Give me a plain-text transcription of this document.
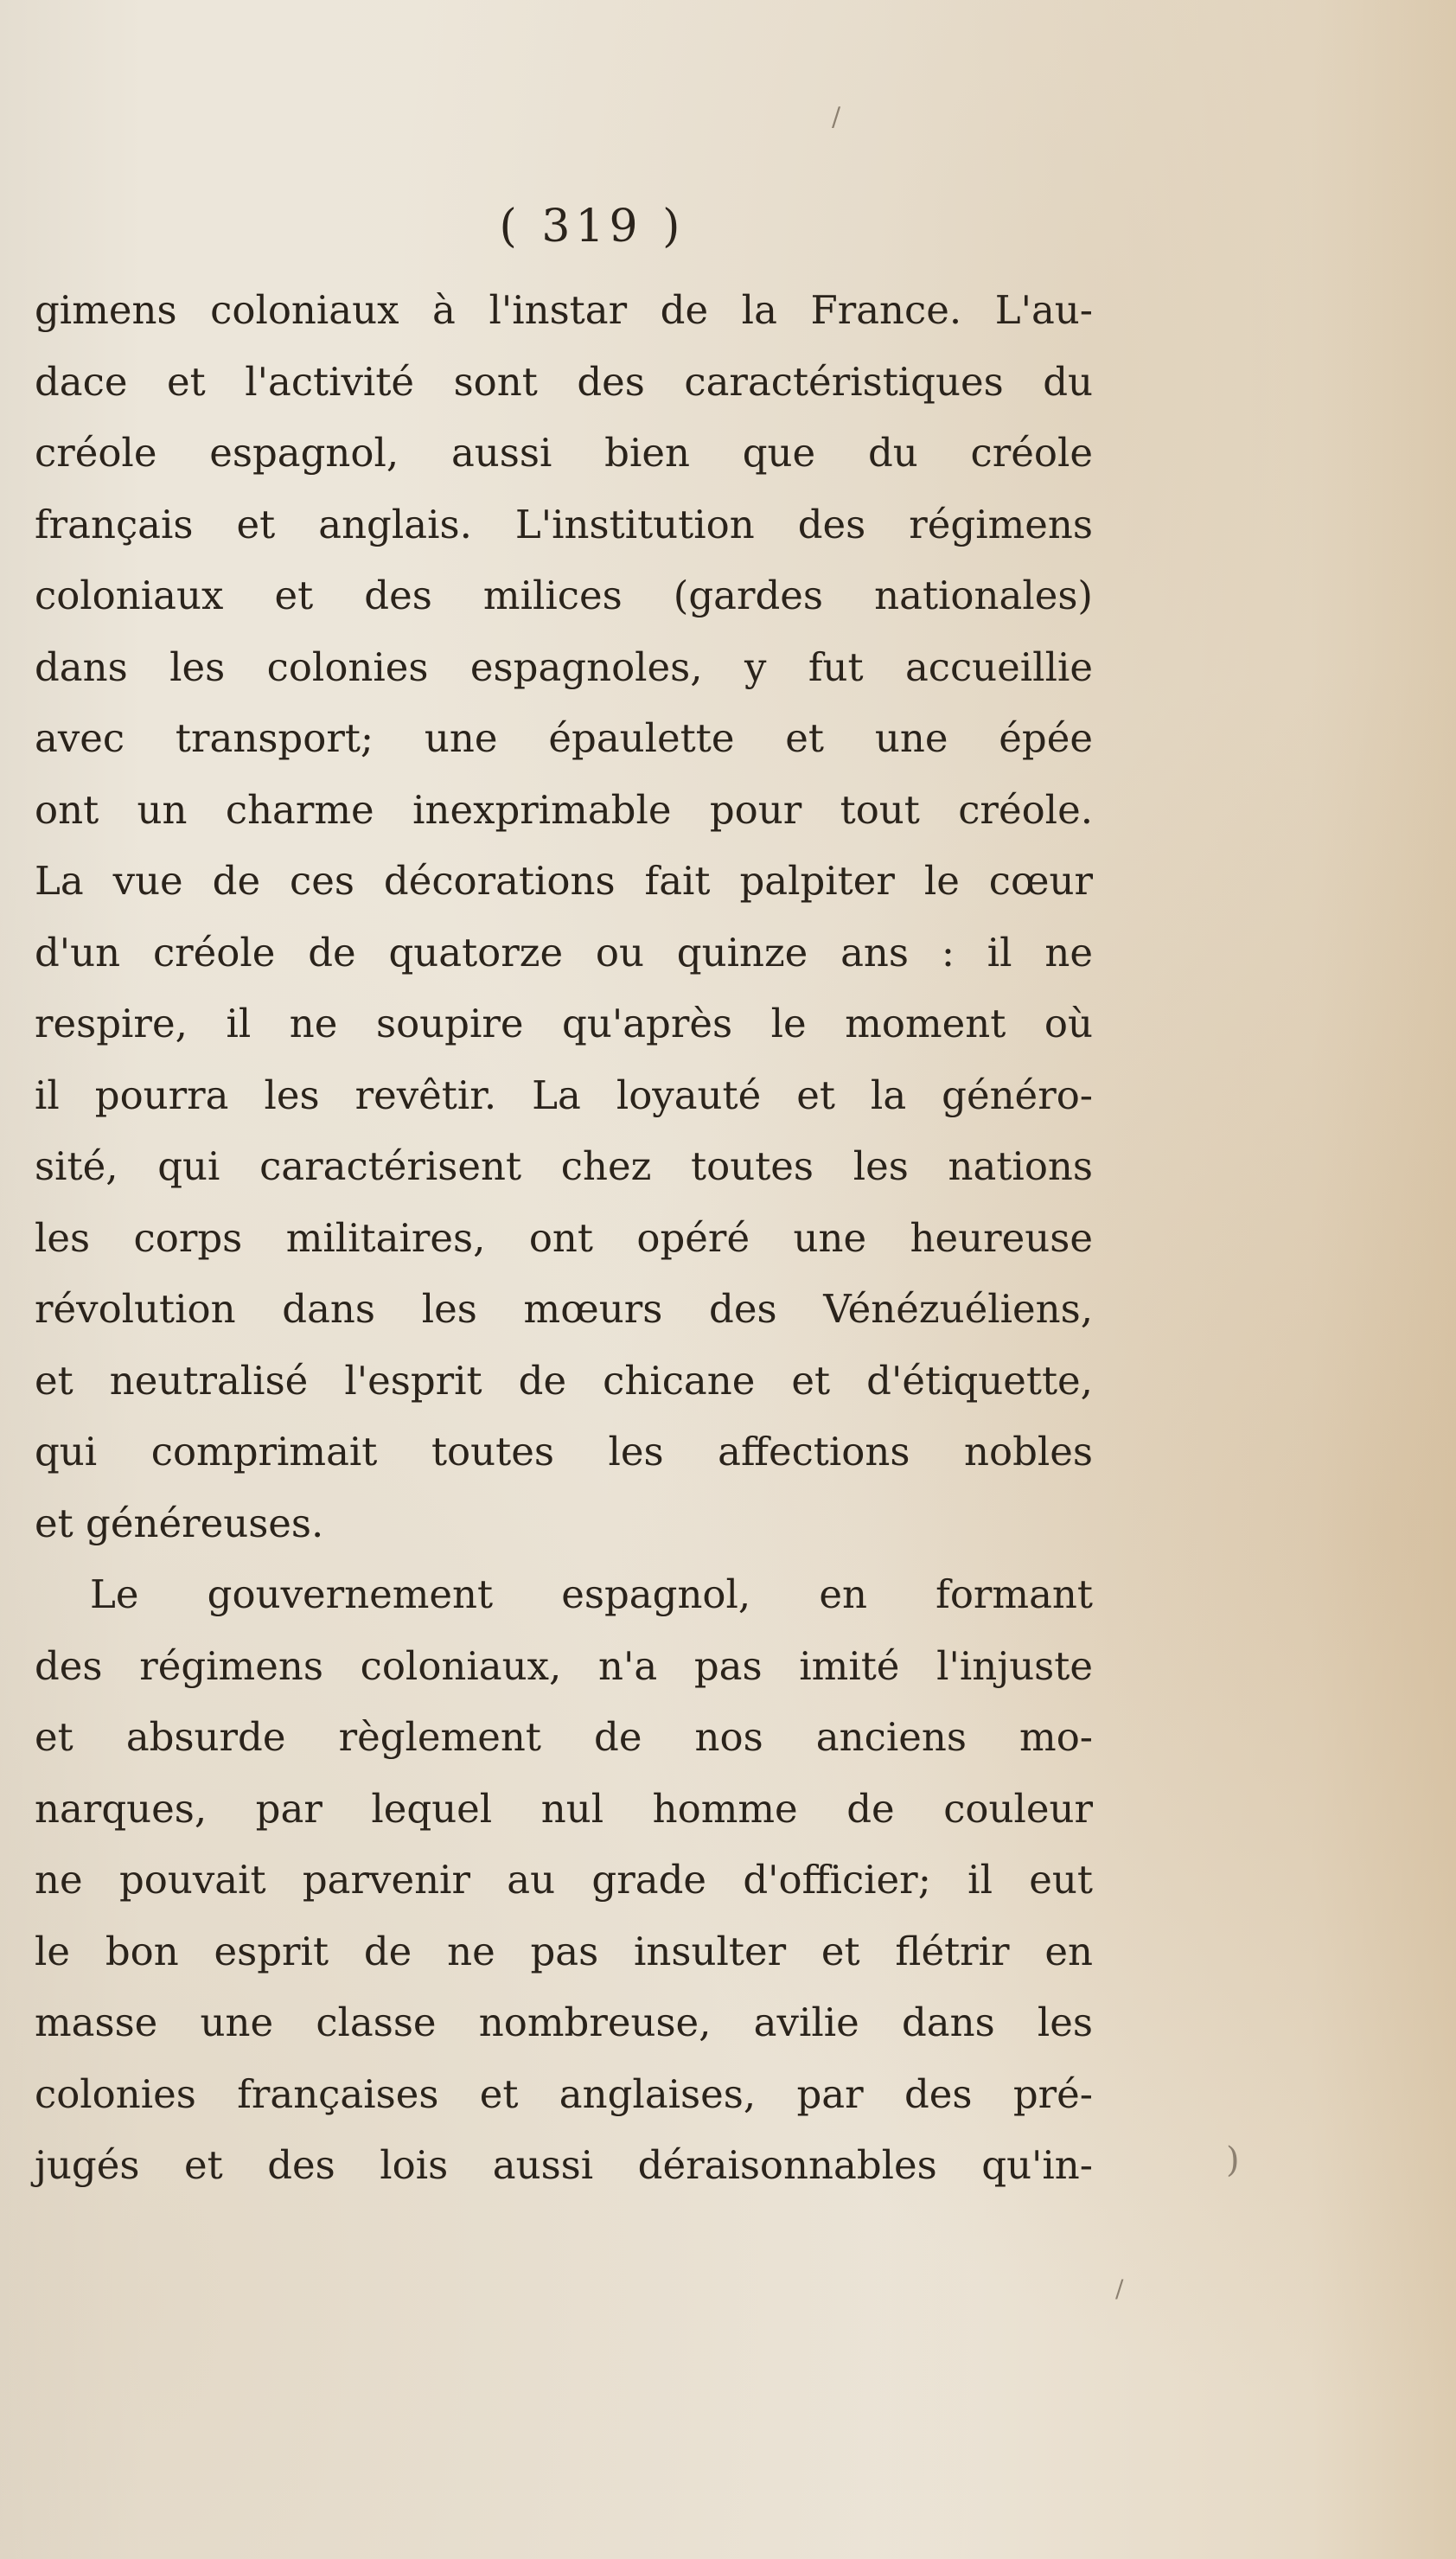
/
)
/
( 319 )
gimens coloniaux à l'instar de la France. L'au-
dace et l'activité sont des caractéristiques du
créole espagnol, aussi bien que du créole
français et anglais. L'institution des régimens
coloniaux et des milices (gardes nationales)
dans les colonies espagnoles, y fut accueillie
avec transport; une épaulette et une épée
ont un charme inexprimable pour tout créole.
La vue de ces décorations fait palpiter le cœur
d'un créole de quatorze ou quinze ans : il ne
respire, il ne soupire qu'après le moment où
il pourra les revêtir. La loyauté et la généro-
sité, qui caractérisent chez toutes les nations
les corps militaires, ont opéré une heureuse
révolution dans les mœurs des Vénézuéliens,
et neutralisé l'esprit de chicane et d'étiquette,
qui comprimait toutes les affections nobles
et généreuses.
Le gouvernement espagnol, en formant
des régimens coloniaux, n'a pas imité l'injuste
et absurde règlement de nos anciens mo-
narques, par lequel nul homme de couleur
ne pouvait parvenir au grade d'officier; il eut
le bon esprit de ne pas insulter et flétrir en
masse une classe nombreuse, avilie dans les
colonies françaises et anglaises, par des pré-
jugés et des lois aussi déraisonnables qu'in-
